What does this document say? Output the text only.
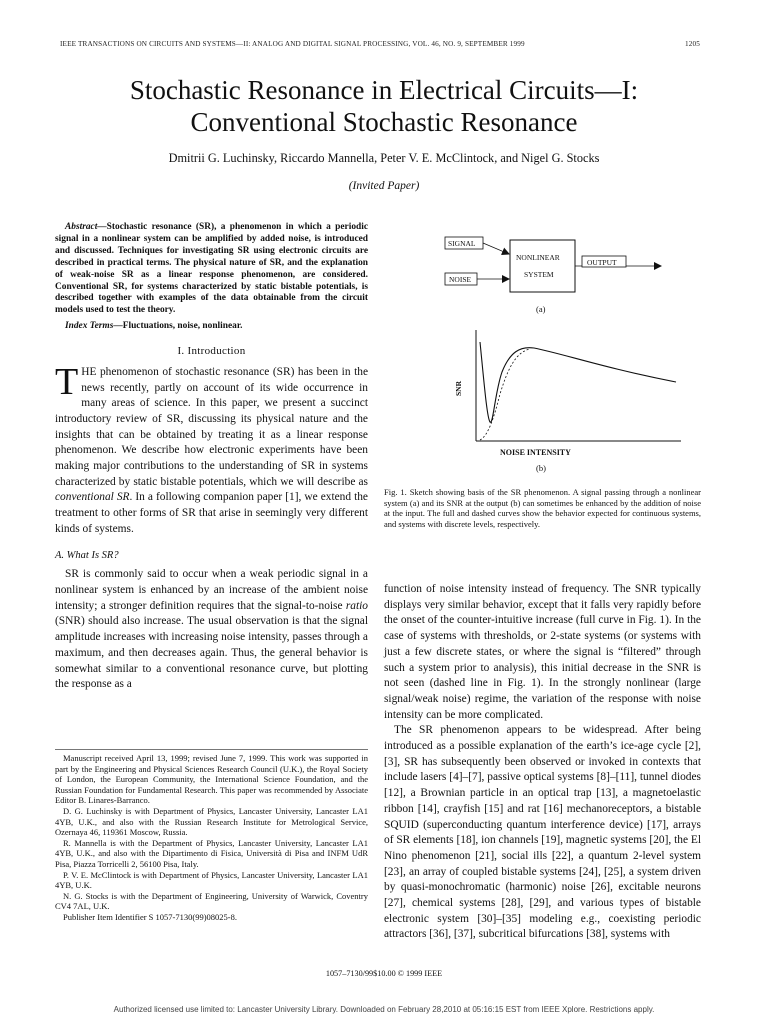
IEEE TRANSACTIONS ON CIRCUITS AND SYSTEMS—II: ANALOG AND DIGITAL SIGNAL PROCESSING, VOL. 46, NO. 9, SEPTEMBER 1999	1205
Stochastic Resonance in Electrical Circuits—I:
Conventional Stochastic Resonance
Dmitrii G. Luchinsky, Riccardo Mannella, Peter V. E. McClintock, and Nigel G. Stocks
(Invited Paper)

Abstract—Stochastic resonance (SR), a phenomenon in which a periodic signal in a nonlinear system can be amplified by added noise, is introduced and discussed. Techniques for investigating SR using electronic circuits are described in practical terms. The physical nature of SR, and the explanation of weak-noise SR as a linear response phenomenon, are considered. Conventional SR, for systems characterized by static bistable potentials, is described together with examples of the data obtainable from the circuit models used to test the theory.

Index Terms—Fluctuations, noise, nonlinear.

I. Introduction

THE phenomenon of stochastic resonance (SR) has been in the news recently, partly on account of its wide occurrence in many areas of science. In this paper, we present a succinct introductory review of SR, discussing its physical nature and the insights that can be obtained by treating it as a linear response phenomenon. We describe how electronic experiments have been making major contributions to the understanding of SR in systems characterized by static bistable potentials, which we will describe as conventional SR. In a following companion paper [1], we extend the treatment to other forms of SR that arise in seemingly very different kinds of systems.

A. What Is SR?

SR is commonly said to occur when a weak periodic signal in a nonlinear system is enhanced by an increase of the ambient noise intensity; a stronger definition requires that the signal-to-noise ratio (SNR) should also increase. The usual observation is that the signal amplitude increases with increasing noise intensity, passes through a maximum, and then decreases again. Thus, the general behavior is somewhat similar to a conventional resonance curve, but plotting the response as a

Manuscript received April 13, 1999; revised June 7, 1999. This work was supported in part by the Engineering and Physical Sciences Research Council (U.K.), the Royal Society of London, the European Community, the International Science Foundation, and the Russian Foundation for Fundamental Research. This paper was recommended by Associate Editor B. Linares-Barranco.

D. G. Luchinsky is with Department of Physics, Lancaster University, Lancaster LA1 4YB, U.K., and also with the Russian Research Institute for Metrological Service, Ozernaya 46, 119361 Moscow, Russia.

R. Mannella is with the Department of Physics, Lancaster University, Lancaster LA1 4YB, U.K., and also with the Dipartimento di Fisica, Università di Pisa and INFM UdR Pisa, Piazza Torricelli 2, 56100 Pisa, Italy.

P. V. E. McClintock is with Department of Physics, Lancaster University, Lancaster LA1 4YB, U.K.

N. G. Stocks is with the Department of Engineering, University of Warwick, Coventry CV4 7AL, U.K.

Publisher Item Identifier S 1057-7130(99)08025-8.

SIGNAL
NOISE
NONLINEAR
SYSTEM
OUTPUT
(a)
SNR
NOISE INTENSITY
(b)

Fig. 1. Sketch showing basis of the SR phenomenon. A signal passing through a nonlinear system (a) and its SNR at the output (b) can sometimes be enhanced by the addition of noise at the input. The full and dashed curves show the behavior expected for continuous systems, and systems with discrete levels, respectively.

function of noise intensity instead of frequency. The SNR typically displays very similar behavior, except that it falls very rapidly before the onset of the counter-intuitive increase (full curve in Fig. 1). In the case of systems with thresholds, or 2-state systems (or systems with just a few discrete states, or where the signal is “filtered” through such a system prior to analysis), this initial decrease in the SNR is not seen (dashed line in Fig. 1). In the strongly nonlinear (large signal/weak noise) regime, the variation of the response with noise intensity can be more complicated.

The SR phenomenon appears to be widespread. After being introduced as a possible explanation of the earth’s ice-age cycle [2], [3], SR has subsequently been observed or invoked in contexts that include lasers [4]–[7], passive optical systems [8]–[11], tunnel diodes [12], a Brownian particle in an optical trap [13], a magnetoelastic ribbon [14], crayfish [15] and rat [16] mechanoreceptors, a bistable SQUID (superconducting quantum interference device) [17], arrays of SR elements [18], ion channels [19], magnetic systems [20], the El Nino phenomenon [21], social ills [22], a quantum 2-level system [23], an array of coupled bistable systems [24], [25], a system driven by quasi-monochromatic (harmonic) noise [26], excitable neurons [27], chemical systems [28], [29], and various types of bistable electronic system [30]–[35] modeling e.g., coexisting periodic attractors [36], [37], subcritical bifurcations [38], systems with

1057–7130/99$10.00 © 1999 IEEE
Authorized licensed use limited to: Lancaster University Library. Downloaded on February 28,2010 at 05:16:15 EST from IEEE Xplore. Restrictions apply.
